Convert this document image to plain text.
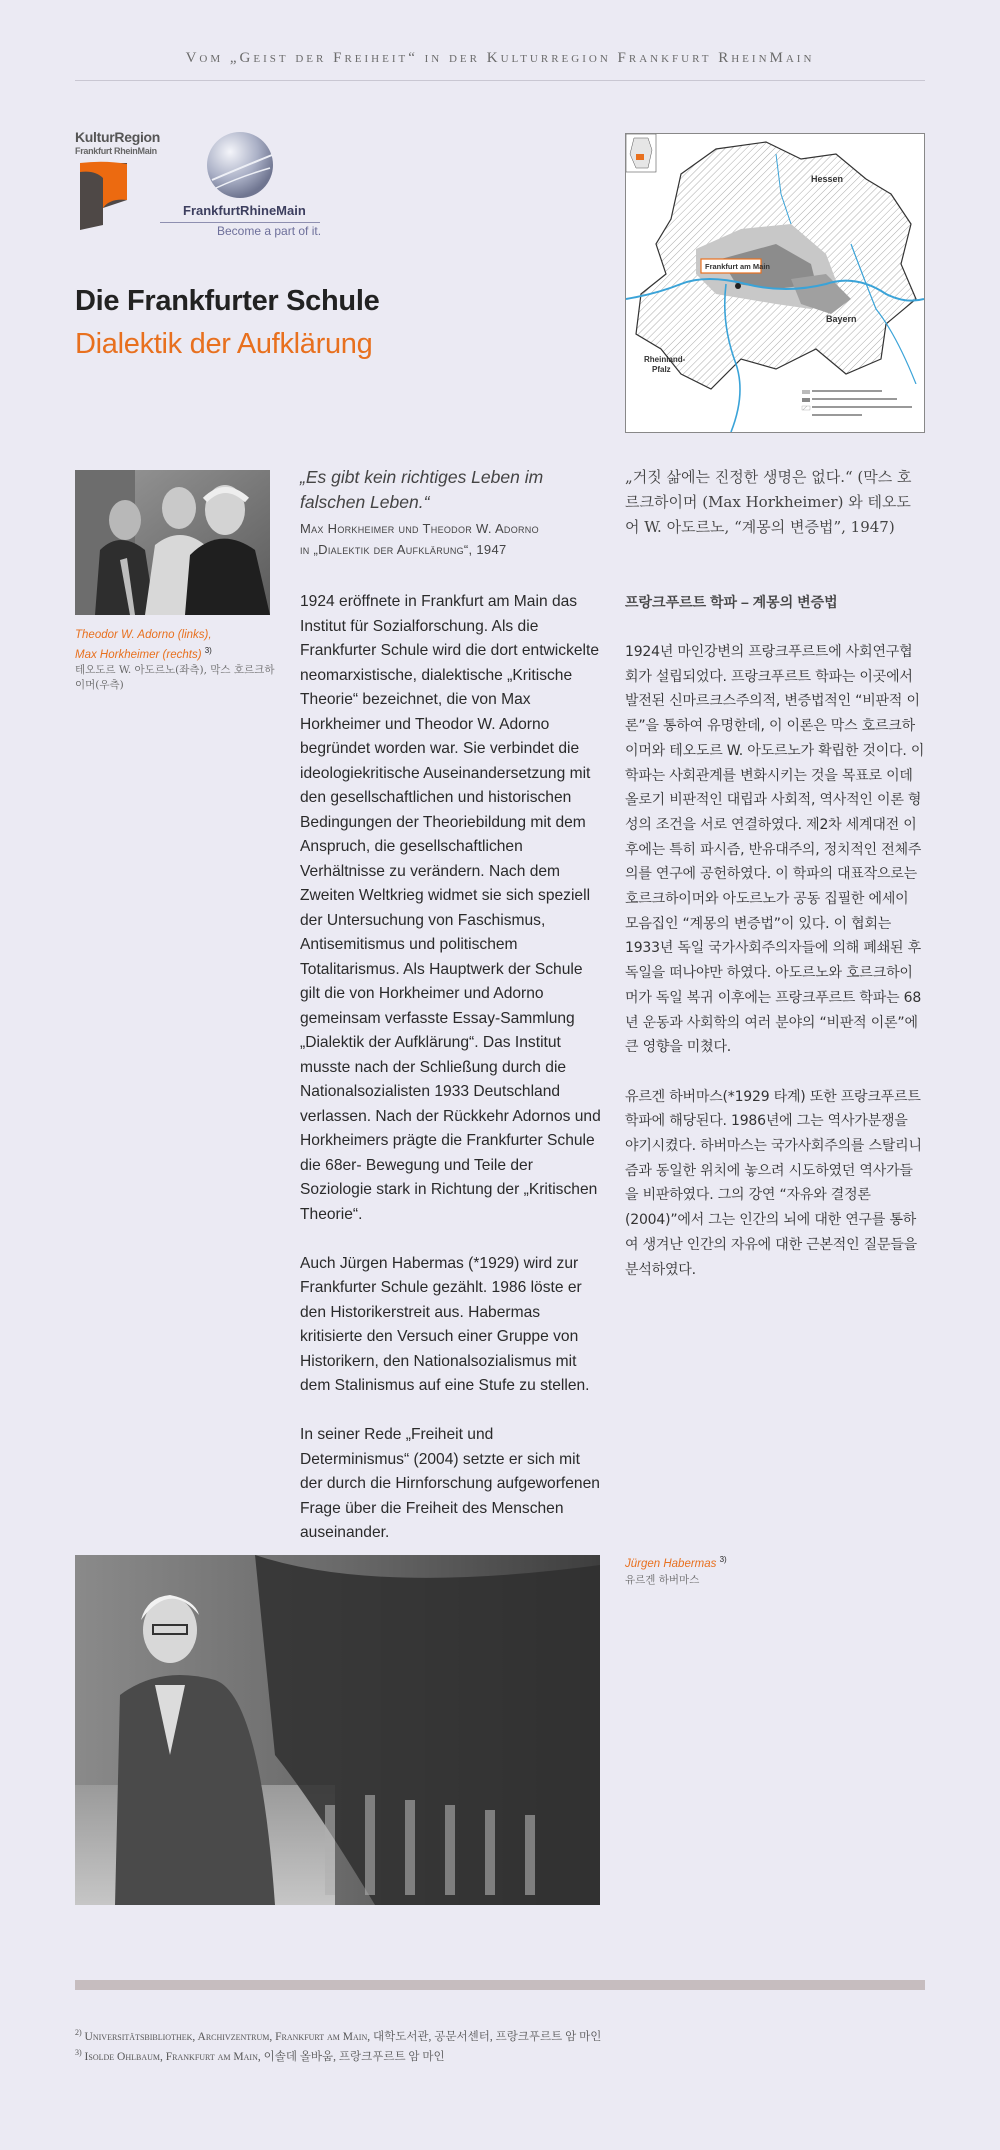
Vom „Geist der Freiheit“ in der Kulturregion Frankfurt RheinMain
KulturRegion
Frankfurt RheinMain
FrankfurtRhineMain
Become a part of it.
Die Frankfurter Schule
Dialektik der Aufklärung
Hessen
Frankfurt am Main
Bayern
Rheinland-
Pfalz
Theodor W. Adorno (links),
Max Horkheimer (rechts) $^{3)}$
테오도르 W. 아도르노(좌측), 막스 호르크하이머(우측)
„Es gibt kein richtiges Leben im falschen Leben.“
Max Horkheimer und Theodor W. Adorno
in „Dialektik der Aufklärung“, 1947

1924 eröffnete in Frankfurt am Main das Institut für Sozialforschung. Als die Frankfurter Schule wird die dort entwickelte neomarxistische, dialektische „Kritische Theorie“ bezeichnet, die von Max Horkheimer und Theodor W. Adorno begründet worden war. Sie verbindet die ideologiekritische Auseinandersetzung mit den gesellschaftlichen und historischen Bedingungen der Theoriebildung mit dem Anspruch, die gesellschaftlichen Verhältnisse zu verändern. Nach dem Zweiten Weltkrieg widmet sie sich speziell der Untersuchung von Faschismus, Antisemitismus und politischem Totalitarismus. Als Hauptwerk der Schule gilt die von Horkheimer und Adorno gemeinsam verfasste Essay-Sammlung „Dialektik der Aufklärung“. Das Institut musste nach der Schließung durch die Nationalsozialisten 1933 Deutschland verlassen. Nach der Rückkehr Adornos und Horkheimers prägte die Frankfurter Schule die 68er- Bewegung und Teile der Soziologie stark in Richtung der „Kritischen Theorie“.

Auch Jürgen Habermas (*1929) wird zur Frankfurter Schule gezählt. 1986 löste er den Historikerstreit aus. Habermas kritisierte den Versuch einer Gruppe von Historikern, den Nationalsozialismus mit dem Stalinismus auf eine Stufe zu stellen.

In seiner Rede „Freiheit und Determinismus“ (2004) setzte er sich mit der durch die Hirnforschung aufgeworfenen Frage über die Freiheit des Menschen auseinander.

„거짓 삶에는 진정한 생명은 없다.“ (막스 호르크하이머 (Max Horkheimer) 와 테오도어 W. 아도르노, “계몽의 변증법”, 1947)
프랑크푸르트 학파 – 계몽의 변증법

1924년 마인강변의 프랑크푸르트에 사회연구협회가 설립되었다. 프랑크푸르트 학파는 이곳에서 발전된 신마르크스주의적, 변증법적인 “비판적 이론”을 통하여 유명한데, 이 이론은 막스 호르크하이머와 테오도르 W. 아도르노가 확립한 것이다. 이 학파는 사회관계를 변화시키는 것을 목표로 이데올로기 비판적인 대립과 사회적, 역사적인 이론 형성의 조건을 서로 연결하였다. 제2차 세계대전 이후에는 특히 파시즘, 반유대주의, 정치적인 전체주의를 연구에 공헌하였다. 이 학파의 대표작으로는 호르크하이머와 아도르노가 공동 집필한 에세이 모음집인 “계몽의 변증법”이 있다. 이 협회는 1933년 독일 국가사회주의자들에 의해 폐쇄된 후 독일을 떠나야만 하였다. 아도르노와 호르크하이머가 독일 복귀 이후에는 프랑크푸르트 학파는 68년 운동과 사회학의 여러 분야의 “비판적 이론”에 큰 영향을 미쳤다.

유르겐 하버마스(*1929 타계) 또한 프랑크푸르트 학파에 해당된다. 1986년에 그는 역사가분쟁을 야기시켰다. 하버마스는 국가사회주의를 스탈리니즘과 동일한 위치에 놓으려 시도하였던 역사가들을 비판하였다. 그의 강연 “자유와 결정론(2004)”에서 그는 인간의 뇌에 대한 연구를 통하여 생겨난 인간의 자유에 대한 근본적인 질문들을 분석하였다.

Jürgen Habermas $^{3)}$
유르겐 하버마스
$^{2)}$ Universitätsbibliothek, Archivzentrum, Frankfurt am Main, 대학도서관, 공문서센터, 프랑크푸르트 암 마인
$^{3)}$ Isolde Ohlbaum, Frankfurt am Main, 이솔데 올바움, 프랑크푸르트 암 마인
